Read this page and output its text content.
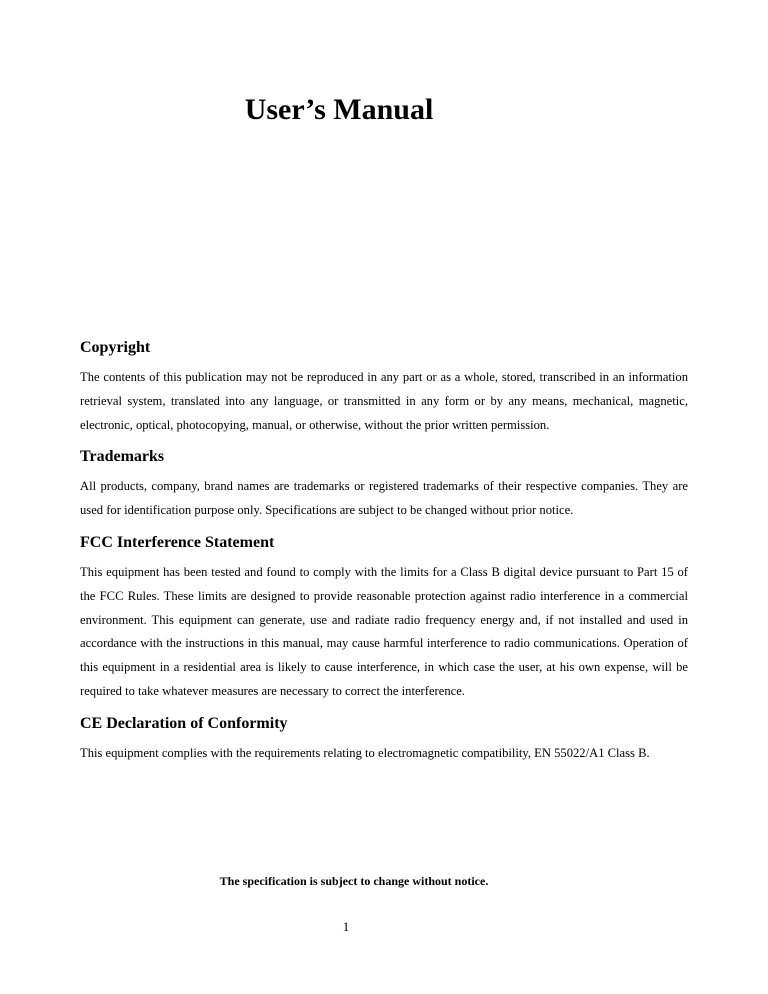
User’s Manual
Copyright

The contents of this publication may not be reproduced in any part or as a whole, stored, transcribed in an information retrieval system, translated into any language, or transmitted in any form or by any means, mechanical, magnetic, electronic, optical, photocopying, manual, or otherwise, without the prior written permission.

Trademarks

All products, company, brand names are trademarks or registered trademarks of their respective companies. They are used for identification purpose only. Specifications are subject to be changed without prior notice.

FCC Interference Statement

This equipment has been tested and found to comply with the limits for a Class B digital device pursuant to Part 15 of the FCC Rules. These limits are designed to provide reasonable protection against radio interference in a commercial environment. This equipment can generate, use and radiate radio frequency energy and, if not installed and used in accordance with the instructions in this manual, may cause harmful interference to radio communications. Operation of this equipment in a residential area is likely to cause interference, in which case the user, at his own expense, will be required to take whatever measures are necessary to correct the interference.

CE Declaration of Conformity

This equipment complies with the requirements relating to electromagnetic compatibility, EN 55022/A1 Class B.

The specification is subject to change without notice.

1
